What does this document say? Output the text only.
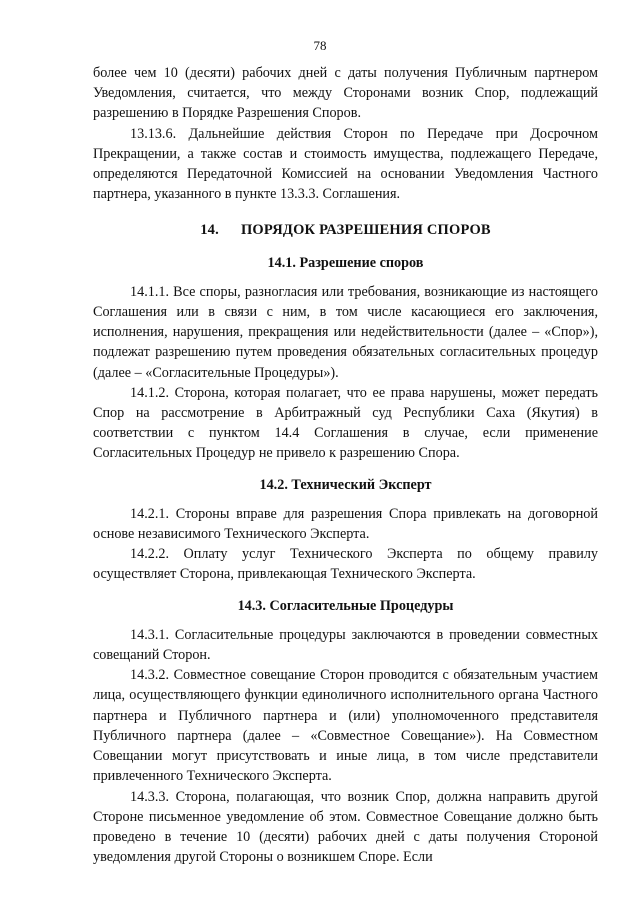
78

более чем 10 (десяти) рабочих дней с даты получения Публичным партнером Уведомления, считается, что между Сторонами возник Спор, подлежащий разрешению в Порядке Разрешения Споров.

13.13.6. Дальнейшие действия Сторон по Передаче при Досрочном Прекращении, а также состав и стоимость имущества, подлежащего Передаче, определяются Передаточной Комиссией на основании Уведомления Частного партнера, указанного в пункте 13.3.3. Соглашения.

14. ПОРЯДОК РАЗРЕШЕНИЯ СПОРОВ
14.1. Разрешение споров

14.1.1. Все споры, разногласия или требования, возникающие из настоящего Соглашения или в связи с ним, в том числе касающиеся его заключения, исполнения, нарушения, прекращения или недействительности (далее – «Спор»), подлежат разрешению путем проведения обязательных согласительных процедур (далее – «Согласительные Процедуры»).

14.1.2. Сторона, которая полагает, что ее права нарушены, может передать Спор на рассмотрение в Арбитражный суд Республики Саха (Якутия) в соответствии с пунктом 14.4 Соглашения в случае, если применение Согласительных Процедур не привело к разрешению Спора.

14.2. Технический Эксперт

14.2.1. Стороны вправе для разрешения Спора привлекать на договорной основе независимого Технического Эксперта.

14.2.2. Оплату услуг Технического Эксперта по общему правилу осуществляет Сторона, привлекающая Технического Эксперта.

14.3. Согласительные Процедуры

14.3.1. Согласительные процедуры заключаются в проведении совместных совещаний Сторон.

14.3.2. Совместное совещание Сторон проводится с обязательным участием лица, осуществляющего функции единоличного исполнительного органа Частного партнера и Публичного партнера и (или) уполномоченного представителя Публичного партнера (далее – «Совместное Совещание»). На Совместном Совещании могут присутствовать и иные лица, в том числе представители привлеченного Технического Эксперта.

14.3.3. Сторона, полагающая, что возник Спор, должна направить другой Стороне письменное уведомление об этом. Совместное Совещание должно быть проведено в течение 10 (десяти) рабочих дней с даты получения Стороной уведомления другой Стороны о возникшем Споре. Если
